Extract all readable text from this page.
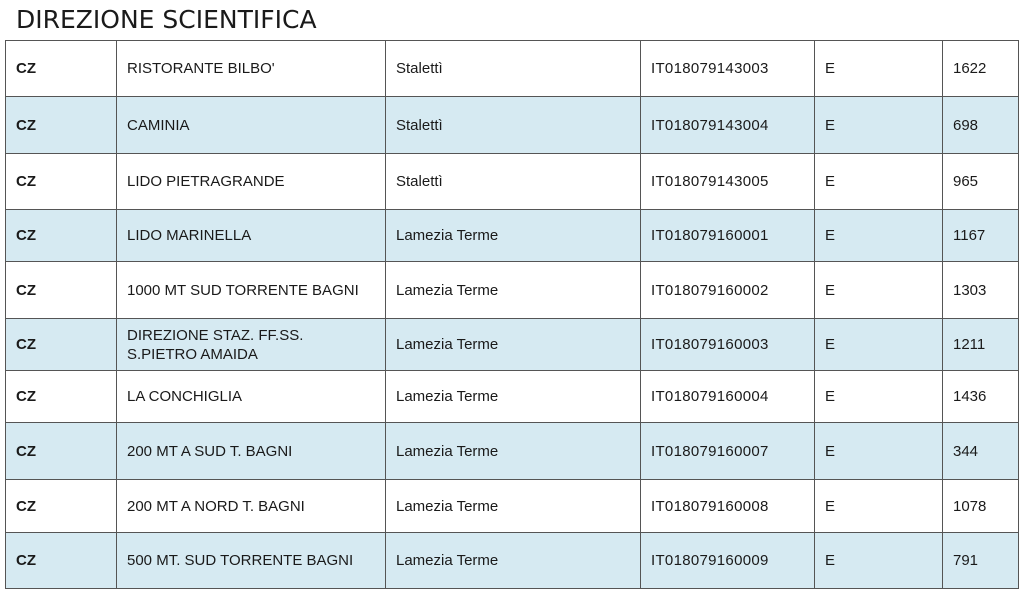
DIREZIONE SCIENTIFICA
CZ	RISTORANTE BILBO'	Stalettì	IT018079143003	E	1622
CZ	CAMINIA	Stalettì	IT018079143004	E	698
CZ	LIDO PIETRAGRANDE	Stalettì	IT018079143005	E	965
CZ	LIDO MARINELLA	Lamezia Terme	IT018079160001	E	1167
CZ	1000 MT SUD TORRENTE BAGNI	Lamezia Terme	IT018079160002	E	1303
CZ	DIREZIONE STAZ. FF.SS. S.PIETRO AMAIDA	Lamezia Terme	IT018079160003	E	1211
CZ	LA CONCHIGLIA	Lamezia Terme	IT018079160004	E	1436
CZ	200 MT A SUD T. BAGNI	Lamezia Terme	IT018079160007	E	344
CZ	200 MT A NORD T. BAGNI	Lamezia Terme	IT018079160008	E	1078
CZ	500 MT. SUD TORRENTE BAGNI	Lamezia Terme	IT018079160009	E	791
